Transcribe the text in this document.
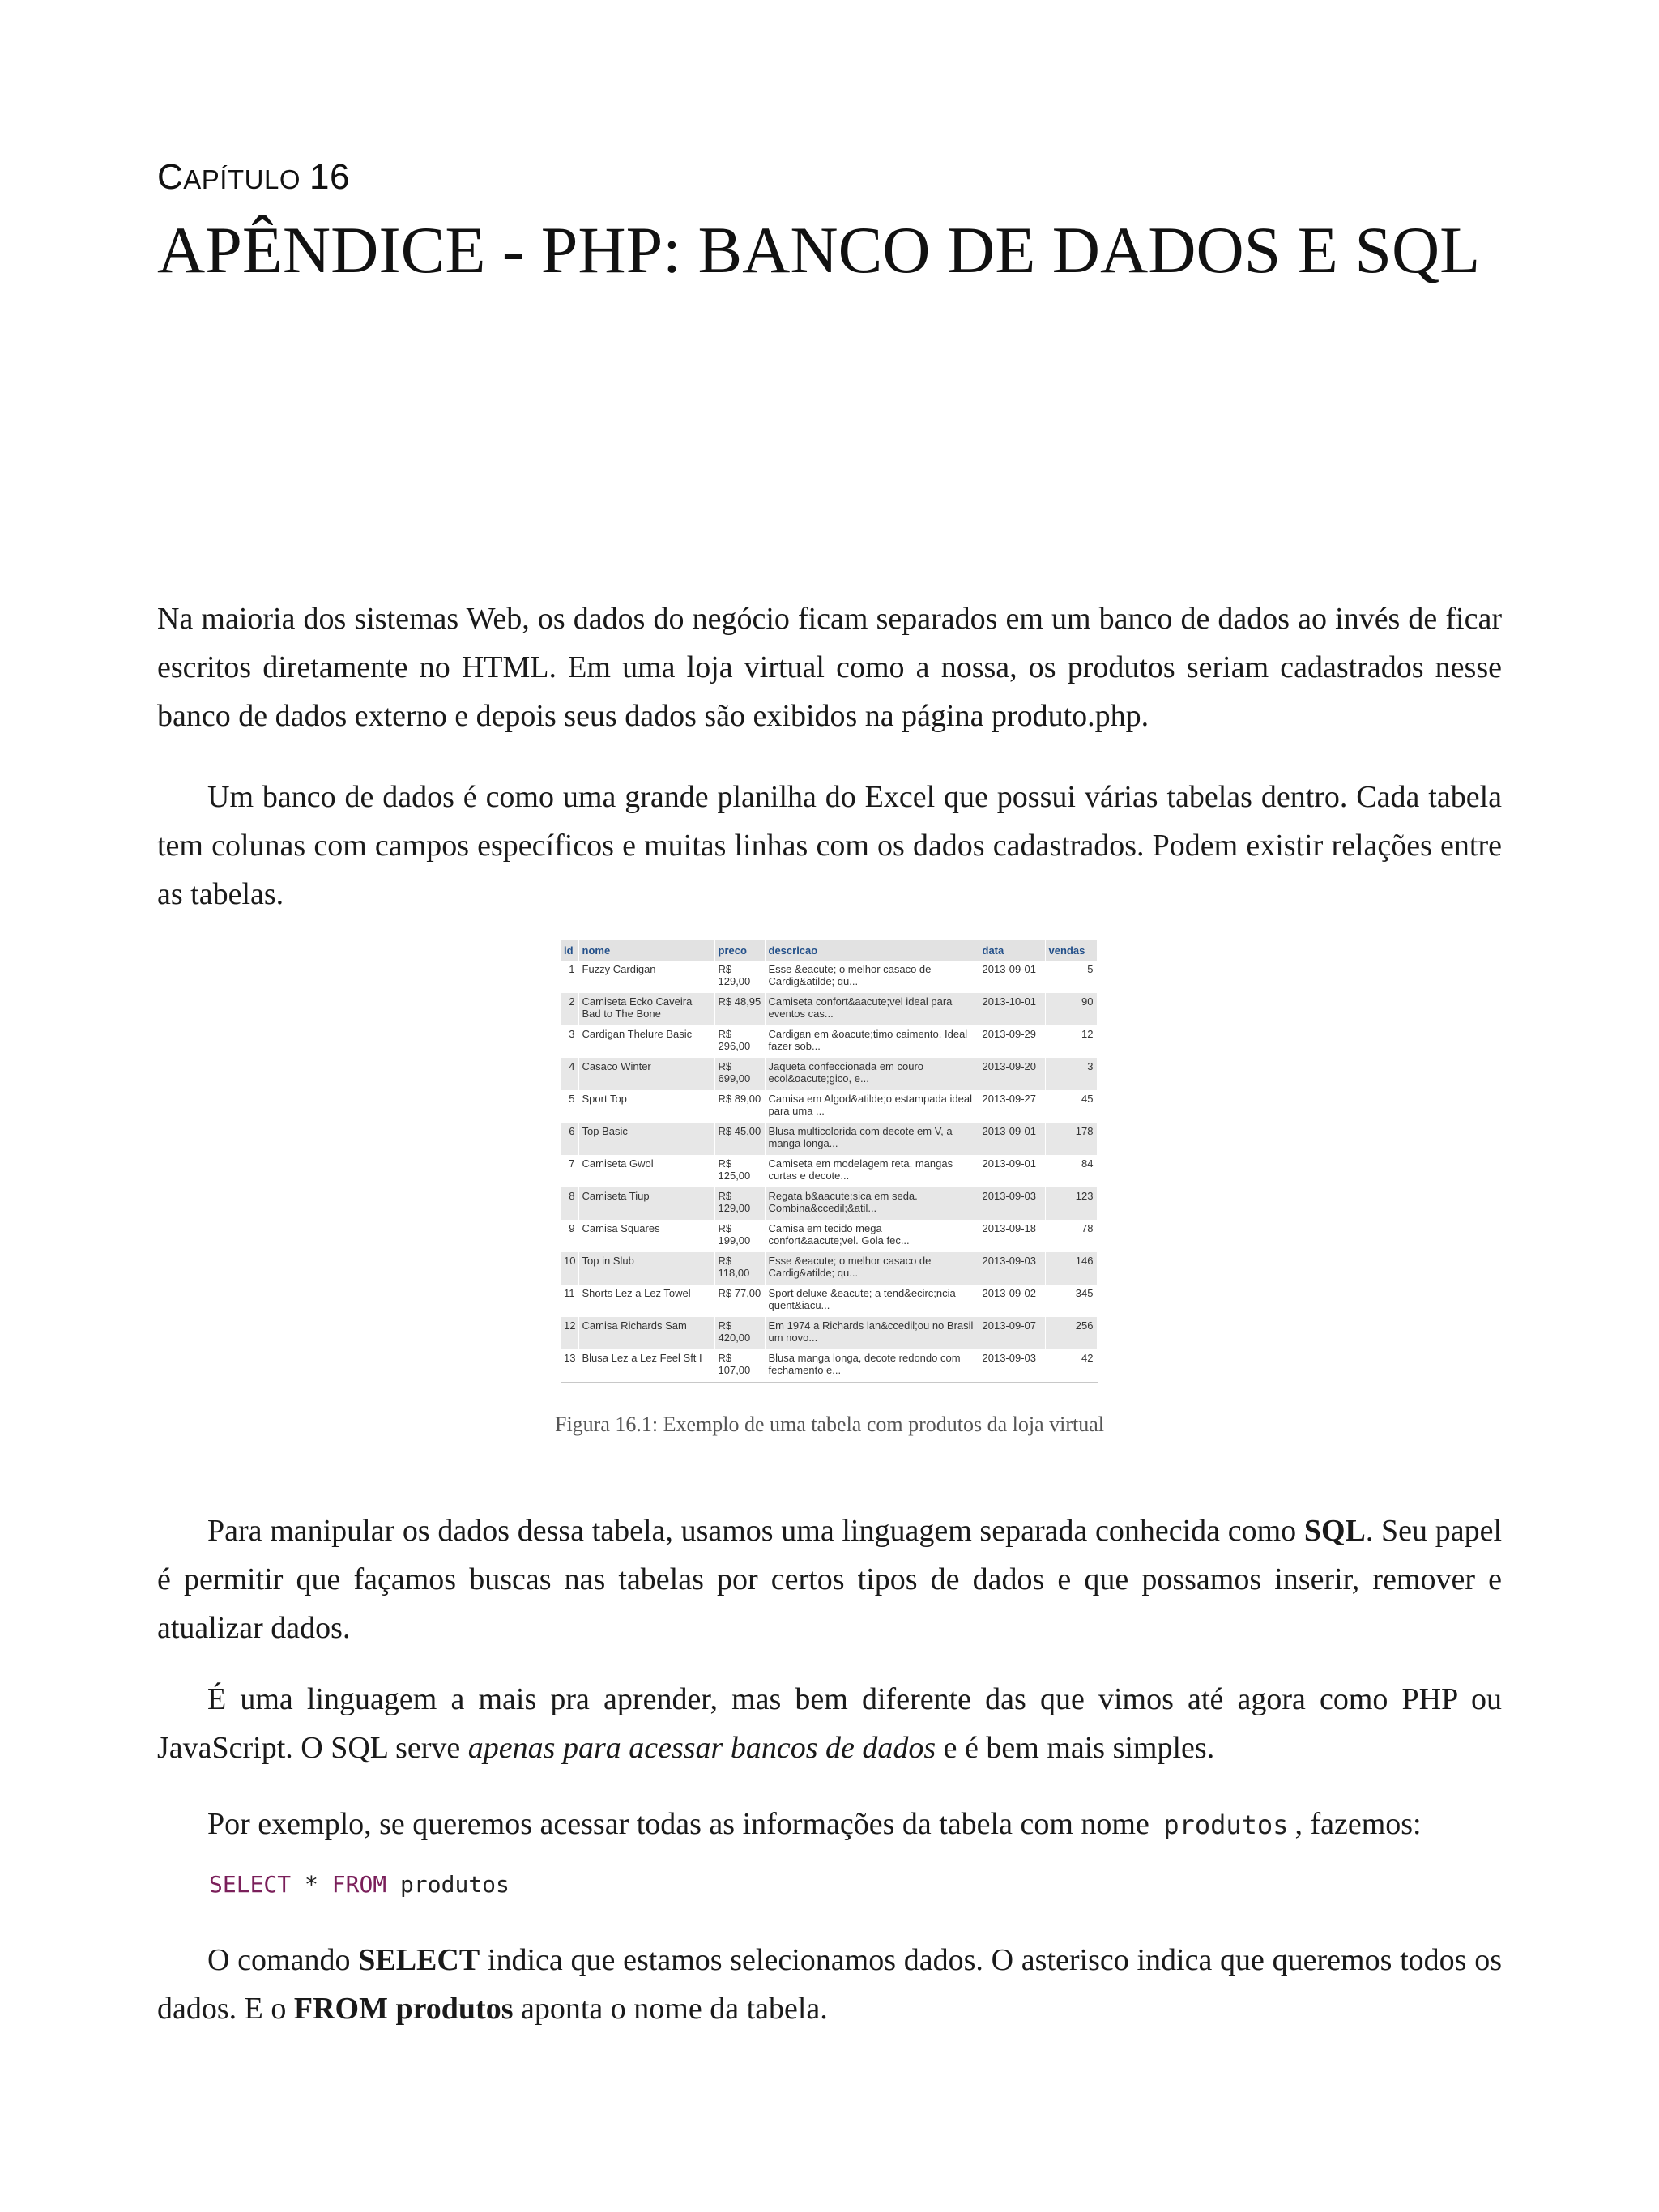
CAPÍTULO 16
APÊNDICE - PHP: BANCO DE DADOS E SQL

Na maioria dos sistemas Web, os dados do negócio ficam separados em um banco de dados ao invés de ficar escritos diretamente no HTML. Em uma loja virtual como a nossa, os produtos seriam cadastrados nesse banco de dados externo e depois seus dados são exibidos na página produto.php.

Um banco de dados é como uma grande planilha do Excel que possui várias tabelas dentro. Cada tabela tem colunas com campos específicos e muitas linhas com os dados cadastrados. Podem existir relações entre as tabelas.

id	nome	preco	descricao	data	vendas
1	Fuzzy Cardigan	R$ 129,00	Esse &eacute; o melhor casaco de Cardig&atilde; qu...	2013-09-01	5
2	Camiseta Ecko Caveira Bad to The Bone	R$ 48,95	Camiseta confort&aacute;vel ideal para eventos cas...	2013-10-01	90
3	Cardigan Thelure Basic	R$ 296,00	Cardigan em &oacute;timo caimento. Ideal fazer sob...	2013-09-29	12
4	Casaco Winter	R$ 699,00	Jaqueta confeccionada em couro ecol&oacute;gico, e...	2013-09-20	3
5	Sport Top	R$ 89,00	Camisa em Algod&atilde;o estampada ideal para uma ...	2013-09-27	45
6	Top Basic	R$ 45,00	Blusa multicolorida com decote em V, a manga longa...	2013-09-01	178
7	Camiseta Gwol	R$ 125,00	Camiseta em modelagem reta, mangas curtas e decote...	2013-09-01	84
8	Camiseta Tiup	R$ 129,00	Regata b&aacute;sica em seda. Combina&ccedil;&atil...	2013-09-03	123
9	Camisa Squares	R$ 199,00	Camisa em tecido mega confort&aacute;vel. Gola fec...	2013-09-18	78
10	Top in Slub	R$ 118,00	Esse &eacute; o melhor casaco de Cardig&atilde; qu...	2013-09-03	146
11	Shorts Lez a Lez Towel	R$ 77,00	Sport deluxe &eacute; a tend&ecirc;ncia quent&iacu...	2013-09-02	345
12	Camisa Richards Sam	R$ 420,00	Em 1974 a Richards lan&ccedil;ou no Brasil um novo...	2013-09-07	256
13	Blusa Lez a Lez Feel Sft I	R$ 107,00	Blusa manga longa, decote redondo com fechamento e...	2013-09-03	42
Figura 16.1: Exemplo de uma tabela com produtos da loja virtual

Para manipular os dados dessa tabela, usamos uma linguagem separada conhecida como SQL. Seu papel é permitir que façamos buscas nas tabelas por certos tipos de dados e que possamos inserir, remover e atualizar dados.

É uma linguagem a mais pra aprender, mas bem diferente das que vimos até agora como PHP ou JavaScript. O SQL serve apenas para acessar bancos de dados e é bem mais simples.

Por exemplo, se queremos acessar todas as informações da tabela com nome produtos , fazemos:

SELECT * FROM produtos

O comando SELECT indica que estamos selecionamos dados. O asterisco indica que queremos todos os dados. E o FROM produtos aponta o nome da tabela.
